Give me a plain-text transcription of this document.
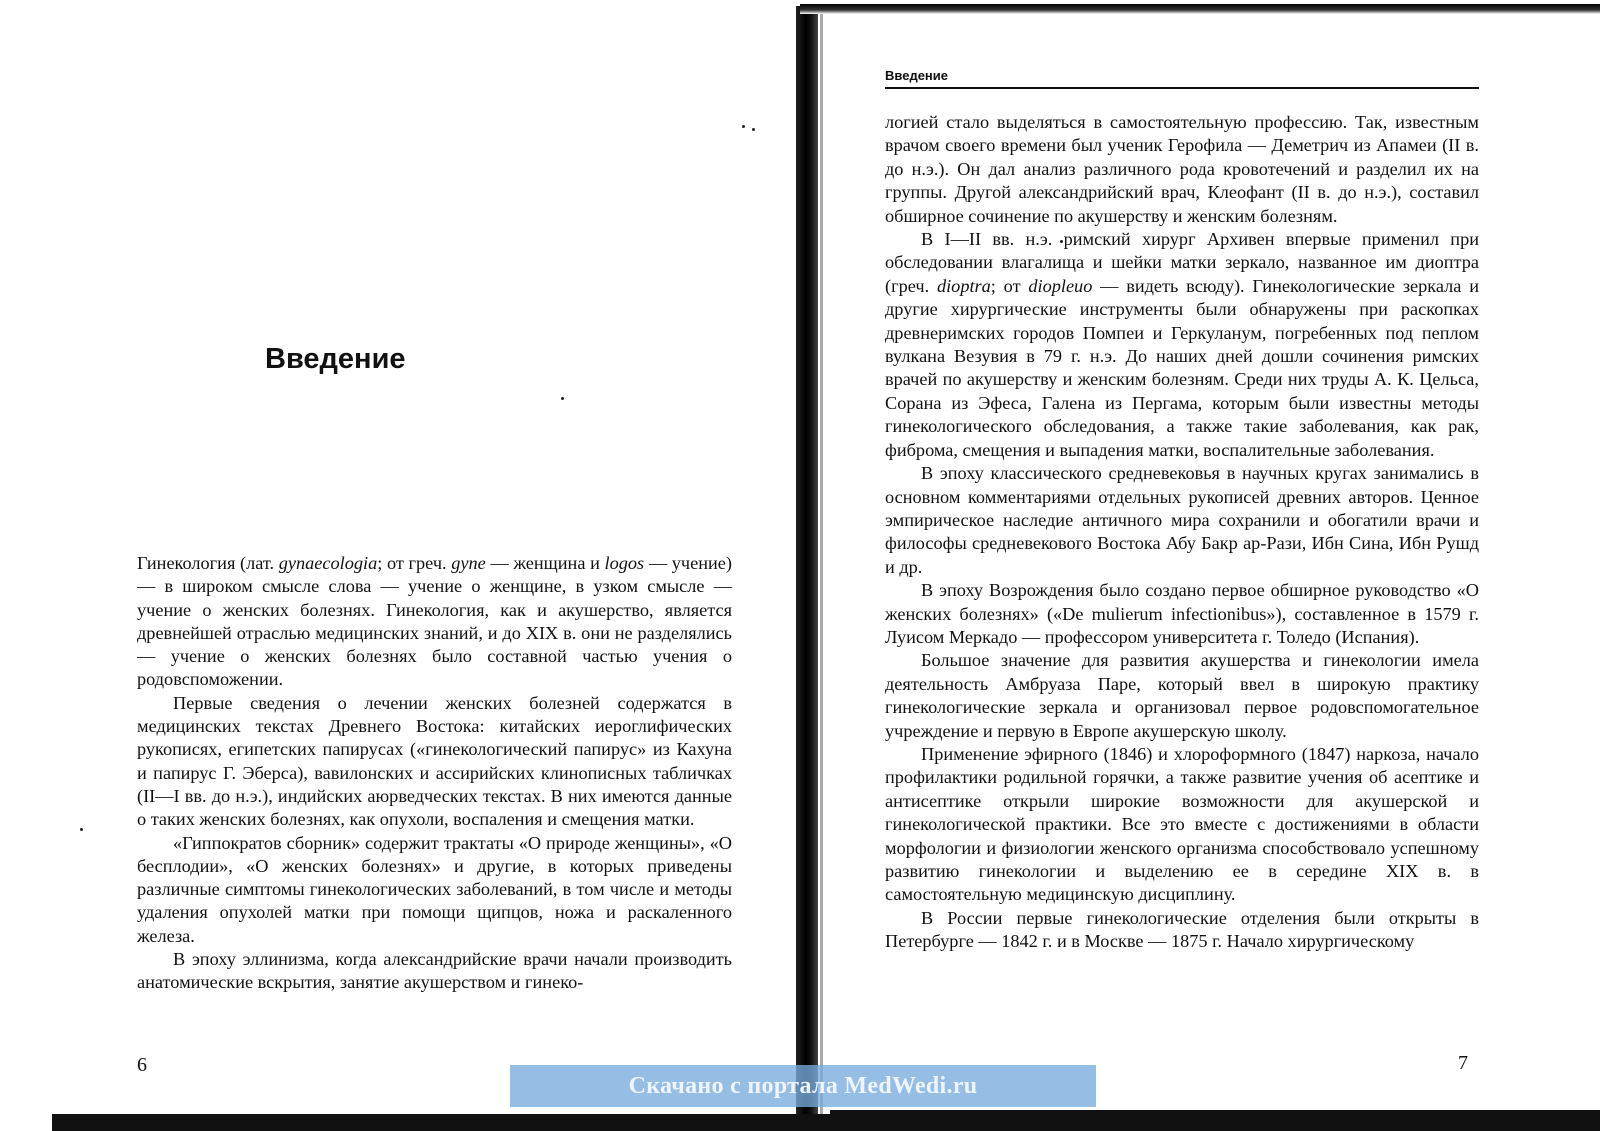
Введение

Гинекология (лат. gynaecologia; от греч. gyne — женщина и logos — учение) — в широком смысле слова — учение о женщине, в узком смысле — учение о женских болезнях. Гинекология, как и акушерство, является древнейшей отраслью медицинских знаний, и до XIX в. они не разделялись — учение о женских болезнях было составной частью учения о родовспоможении.

Первые сведения о лечении женских болезней содержатся в медицинских текстах Древнего Востока: китайских иероглифических рукописях, египетских папирусах («гинекологический папирус» из Кахуна и папирус Г. Эберса), вавилонских и ассирийских клинописных табличках (II—I вв. до н.э.), индийских аюрведческих текстах. В них имеются данные о таких женских болезнях, как опухоли, воспаления и смещения матки.

«Гиппократов сборник» содержит трактаты «О природе женщины», «О бесплодии», «О женских болезнях» и другие, в которых приведены различные симптомы гинекологических заболеваний, в том числе и методы удаления опухолей матки при помощи щипцов, ножа и раскаленного железа.

В эпоху эллинизма, когда александрийские врачи начали производить анатомические вскрытия, занятие акушерством и гинеко-

6
Введение

логией стало выделяться в самостоятельную профессию. Так, известным врачом своего времени был ученик Герофила — Деметрич из Апамеи (II в. до н.э.). Он дал анализ различного рода кровотечений и разделил их на группы. Другой александрийский врач, Клеофант (II в. до н.э.), составил обширное сочинение по акушерству и женским болезням.

В I—II вв. н.э. римский хирург Архивен впервые применил при обследовании влагалища и шейки матки зеркало, названное им диоптра (греч. dioptra; от diopleuo — видеть всюду). Гинекологические зеркала и другие хирургические инструменты были обнаружены при раскопках древнеримских городов Помпеи и Геркуланум, погребенных под пеплом вулкана Везувия в 79 г. н.э. До наших дней дошли сочинения римских врачей по акушерству и женским болезням. Среди них труды А. К. Цельса, Сорана из Эфеса, Галена из Пергама, которым были известны методы гинекологического обследования, а также такие заболевания, как рак, фиброма, смещения и выпадения матки, воспалительные заболевания.

В эпоху классического средневековья в научных кругах занимались в основном комментариями отдельных рукописей древних авторов. Ценное эмпирическое наследие античного мира сохранили и обогатили врачи и философы средневекового Востока Абу Бакр ар-Рази, Ибн Сина, Ибн Рушд и др.

В эпоху Возрождения было создано первое обширное руководство «О женских болезнях» («De mulierum infectionibus»), составленное в 1579 г. Луисом Меркадо — профессором университета г. Толедо (Испания).

Большое значение для развития акушерства и гинекологии имела деятельность Амбруаза Паре, который ввел в широкую практику гинекологические зеркала и организовал первое родовспомогательное учреждение и первую в Европе акушерскую школу.

Применение эфирного (1846) и хлороформного (1847) наркоза, начало профилактики родильной горячки, а также развитие учения об асептике и антисептике открыли широкие возможности для акушерской и гинекологической практики. Все это вместе с достижениями в области морфологии и физиологии женского организма способствовало успешному развитию гинекологии и выделению ее в середине XIX в. в самостоятельную медицинскую дисциплину.

В России первые гинекологические отделения были открыты в Петербурге — 1842 г. и в Москве — 1875 г. Начало хирургическому

7
Скачано с портала MedWedi.ru
